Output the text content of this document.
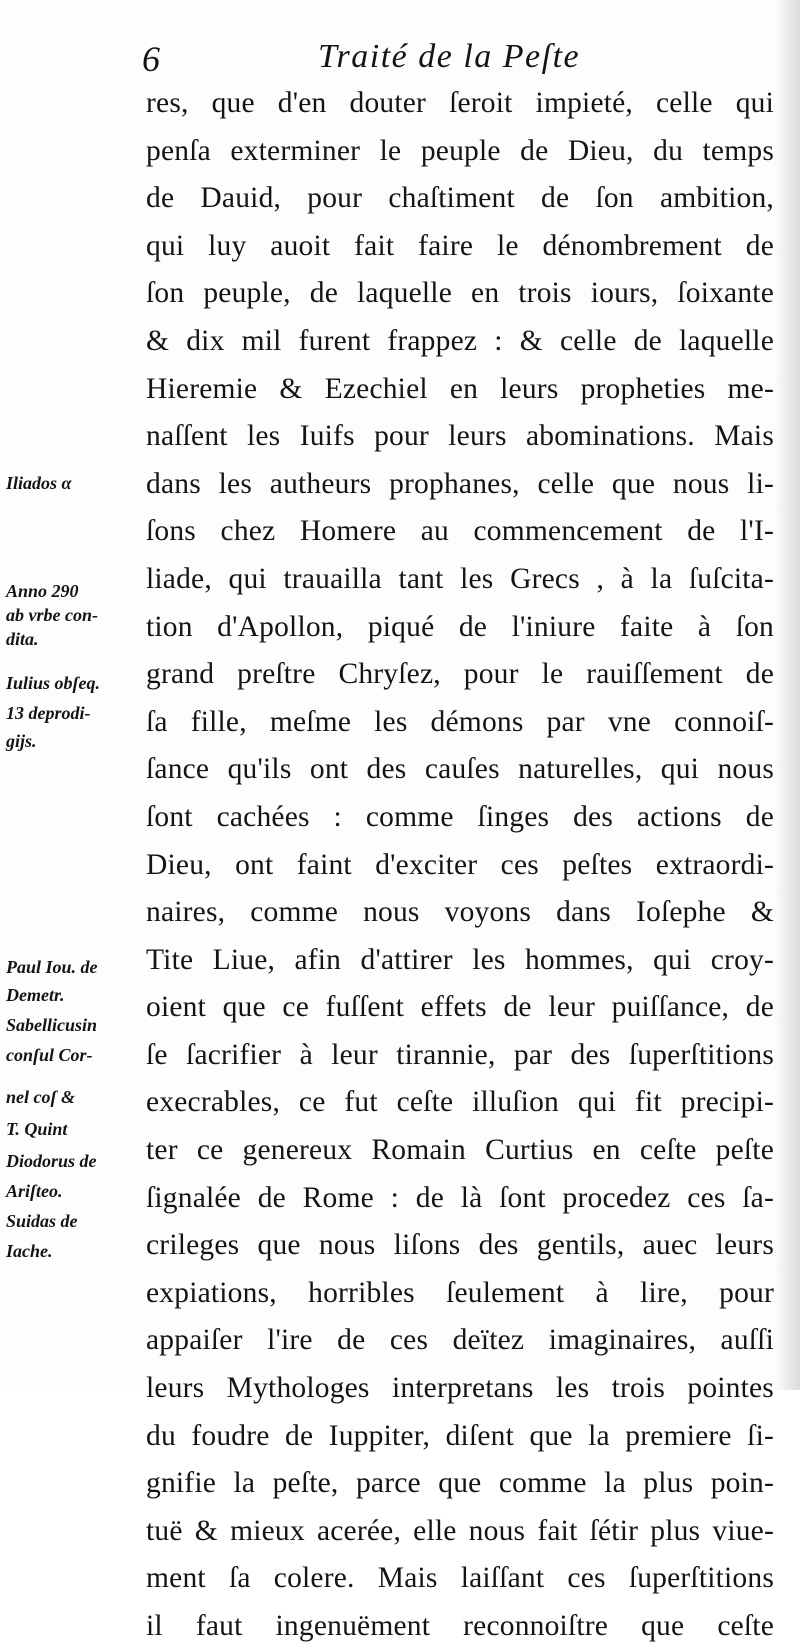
6	Traité de la Peſte
res, que d'en douter ſeroit impieté, celle qui
penſa exterminer le peuple de Dieu, du temps
de Dauid, pour chaſtiment de ſon ambition,
qui luy auoit fait faire le dénombrement de
ſon peuple, de laquelle en trois iours, ſoixante
& dix mil furent frappez : & celle de laquelle
Hieremie & Ezechiel en leurs propheties me-
naſſent les Iuifs pour leurs abominations. Mais
dans les autheurs prophanes, celle que nous li-
ſons chez Homere au commencement de l'I-
liade, qui trauailla tant les Grecs , à la ſuſcita-
tion d'Apollon, piqué de l'iniure faite à ſon
grand preſtre Chryſez, pour le rauiſſement de
ſa fille, meſme les démons par vne connoiſ-
ſance qu'ils ont des cauſes naturelles, qui nous
ſont cachées : comme ſinges des actions de
Dieu, ont faint d'exciter ces peſtes extraordi-
naires, comme nous voyons dans Ioſephe &
Tite Liue, afin d'attirer les hommes, qui croy-
oient que ce fuſſent effets de leur puiſſance, de
ſe ſacrifier à leur tirannie, par des ſuperſtitions
execrables, ce fut ceſte illuſion qui fit precipi-
ter ce genereux Romain Curtius en ceſte peſte
ſignalée de Rome : de là ſont procedez ces ſa-
crileges que nous liſons des gentils, auec leurs
expiations, horribles ſeulement à lire, pour
appaiſer l'ire de ces deïtez imaginaires, auſſi
leurs Mythologes interpretans les trois pointes
du foudre de Iuppiter, diſent que la premiere ſi-
gnifie la peſte, parce que comme la plus poin-
tuë & mieux acerée, elle nous fait ſétir plus viue-
ment ſa colere. Mais laiſſant ces ſuperſtitions
il faut ingenuëment reconnoiſtre que ceſte
Iliados α
Anno 290
ab vrbe con-
dita.
Iulius obſeq.
13 deprodi-
gijs.
Paul Iou. de
Demetr.
Sabellicusin
conſul Cor-
nel coſ &
T. Quint
Diodorus de
Ariſteo.
Suidas de
Iache.
